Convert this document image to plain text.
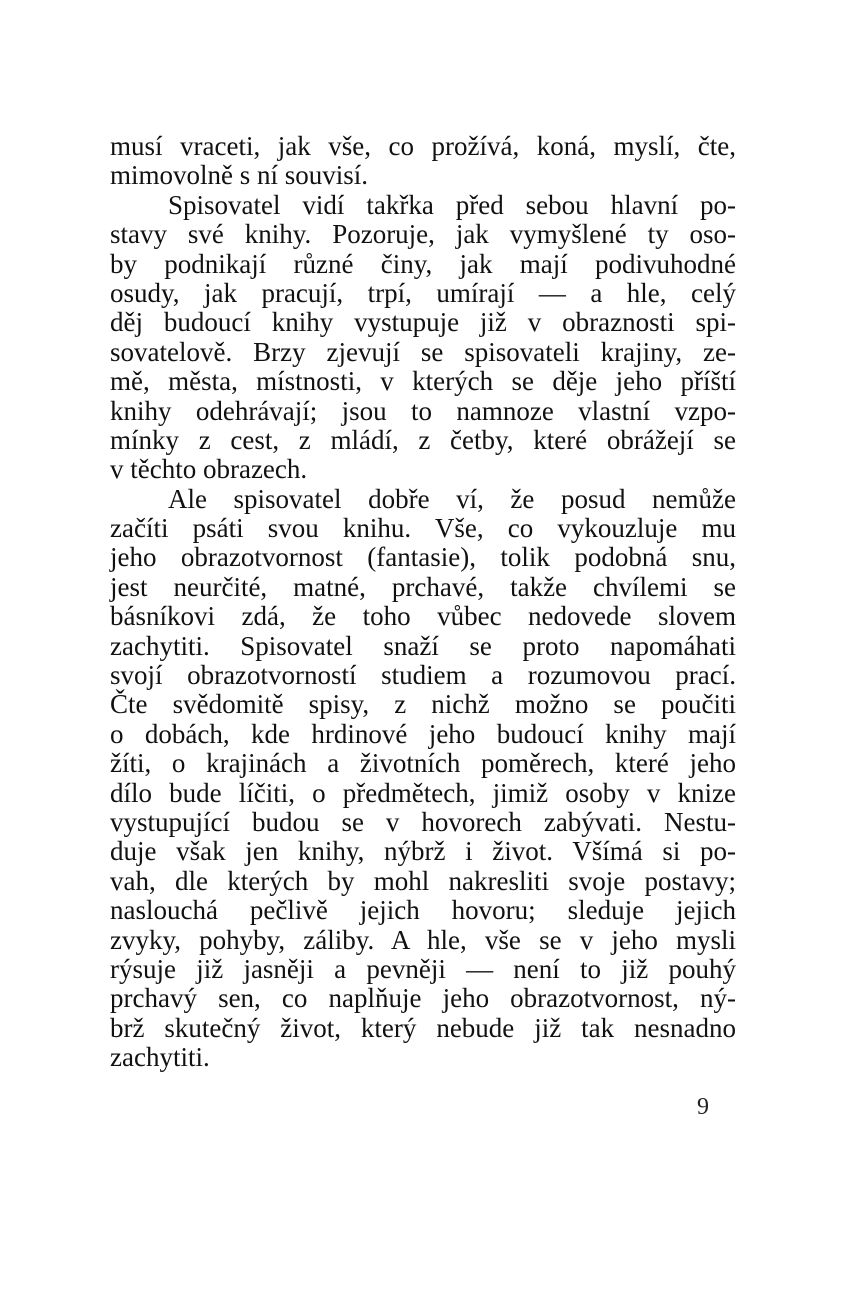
musí vraceti, jak vše, co prožívá, koná, myslí, čte,
mimovolně s ní souvisí.
Spisovatel vidí takřka před sebou hlavní po-
stavy své knihy. Pozoruje, jak vymyšlené ty oso-
by podnikají různé činy, jak mají podivuhodné
osudy, jak pracují, trpí, umírají — a hle, celý
děj budoucí knihy vystupuje již v obraznosti spi-
sovatelově. Brzy zjevují se spisovateli krajiny, ze-
mě, města, místnosti, v kterých se děje jeho příští
knihy odehrávají; jsou to namnoze vlastní vzpo-
mínky z cest, z mládí, z četby, které obrážejí se
v těchto obrazech.
Ale spisovatel dobře ví, že posud nemůže
začíti psáti svou knihu. Vše, co vykouzluje mu
jeho obrazotvornost (fantasie), tolik podobná snu,
jest neurčité, matné, prchavé, takže chvílemi se
básníkovi zdá, že toho vůbec nedovede slovem
zachytiti. Spisovatel snaží se proto napomáhati
svojí obrazotvorností studiem a rozumovou prací.
Čte svědomitě spisy, z nichž možno se poučiti
o dobách, kde hrdinové jeho budoucí knihy mají
žíti, o krajinách a životních poměrech, které jeho
dílo bude líčiti, o předmětech, jimiž osoby v knize
vystupující budou se v hovorech zabývati. Nestu-
duje však jen knihy, nýbrž i život. Všímá si po-
vah, dle kterých by mohl nakresliti svoje postavy;
naslouchá pečlivě jejich hovoru; sleduje jejich
zvyky, pohyby, záliby. A hle, vše se v jeho mysli
rýsuje již jasněji a pevněji — není to již pouhý
prchavý sen, co naplňuje jeho obrazotvornost, ný-
brž skutečný život, který nebude již tak nesnadno
zachytiti.
9
